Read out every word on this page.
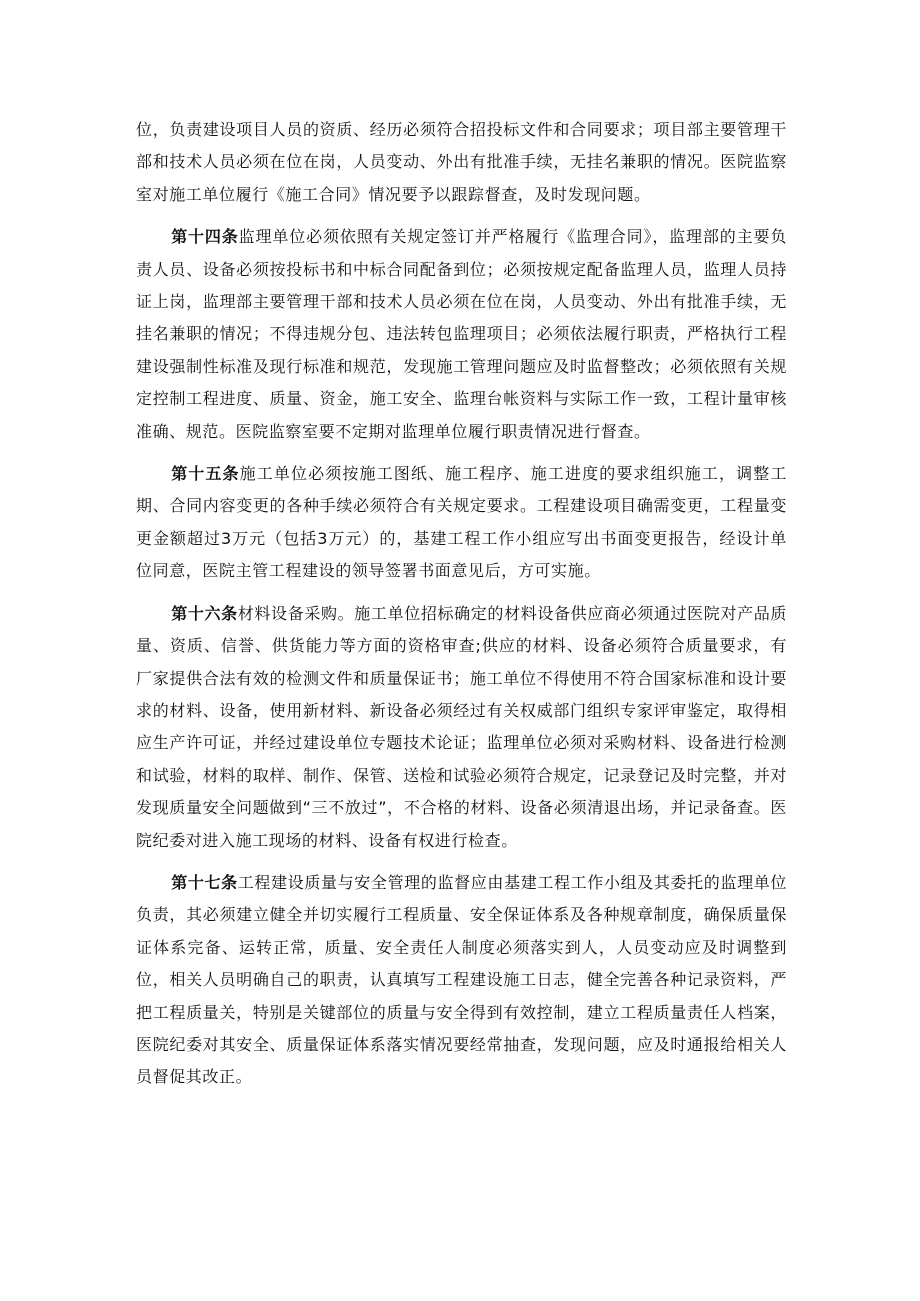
位，负责建设项目人员的资质、经历必须符合招投标文件和合同要求；项目部主要管理干部和技术人员必须在位在岗，人员变动、外出有批准手续，无挂名兼职的情况。医院监察室对施工单位履行《施工合同》情况要予以跟踪督查，及时发现问题。

第十四条监理单位必须依照有关规定签订并严格履行《监理合同》，监理部的主要负责人员、设备必须按投标书和中标合同配备到位；必须按规定配备监理人员，监理人员持证上岗，监理部主要管理干部和技术人员必须在位在岗，人员变动、外出有批准手续，无挂名兼职的情况；不得违规分包、违法转包监理项目；必须依法履行职责，严格执行工程建设强制性标准及现行标准和规范，发现施工管理问题应及时监督整改；必须依照有关规定控制工程进度、质量、资金，施工安全、监理台帐资料与实际工作一致，工程计量审核准确、规范。医院监察室要不定期对监理单位履行职责情况进行督查。

第十五条施工单位必须按施工图纸、施工程序、施工进度的要求组织施工，调整工期、合同内容变更的各种手续必须符合有关规定要求。工程建设项目确需变更，工程量变更金额超过3万元（包括3万元）的，基建工程工作小组应写出书面变更报告，经设计单位同意，医院主管工程建设的领导签署书面意见后，方可实施。

第十六条材料设备采购。施工单位招标确定的材料设备供应商必须通过医院对产品质量、资质、信誉、供货能力等方面的资格审查;供应的材料、设备必须符合质量要求，有厂家提供合法有效的检测文件和质量保证书；施工单位不得使用不符合国家标准和设计要求的材料、设备，使用新材料、新设备必须经过有关权威部门组织专家评审鉴定，取得相应生产许可证，并经过建设单位专题技术论证；监理单位必须对采购材料、设备进行检测和试验，材料的取样、制作、保管、送检和试验必须符合规定，记录登记及时完整，并对发现质量安全问题做到“三不放过”，不合格的材料、设备必须清退出场，并记录备查。医院纪委对进入施工现场的材料、设备有权进行检查。

第十七条工程建设质量与安全管理的监督应由基建工程工作小组及其委托的监理单位负责，其必须建立健全并切实履行工程质量、安全保证体系及各种规章制度，确保质量保证体系完备、运转正常，质量、安全责任人制度必须落实到人，人员变动应及时调整到位，相关人员明确自己的职责，认真填写工程建设施工日志，健全完善各种记录资料，严把工程质量关，特别是关键部位的质量与安全得到有效控制，建立工程质量责任人档案，医院纪委对其安全、质量保证体系落实情况要经常抽查，发现问题，应及时通报给相关人员督促其改正。
